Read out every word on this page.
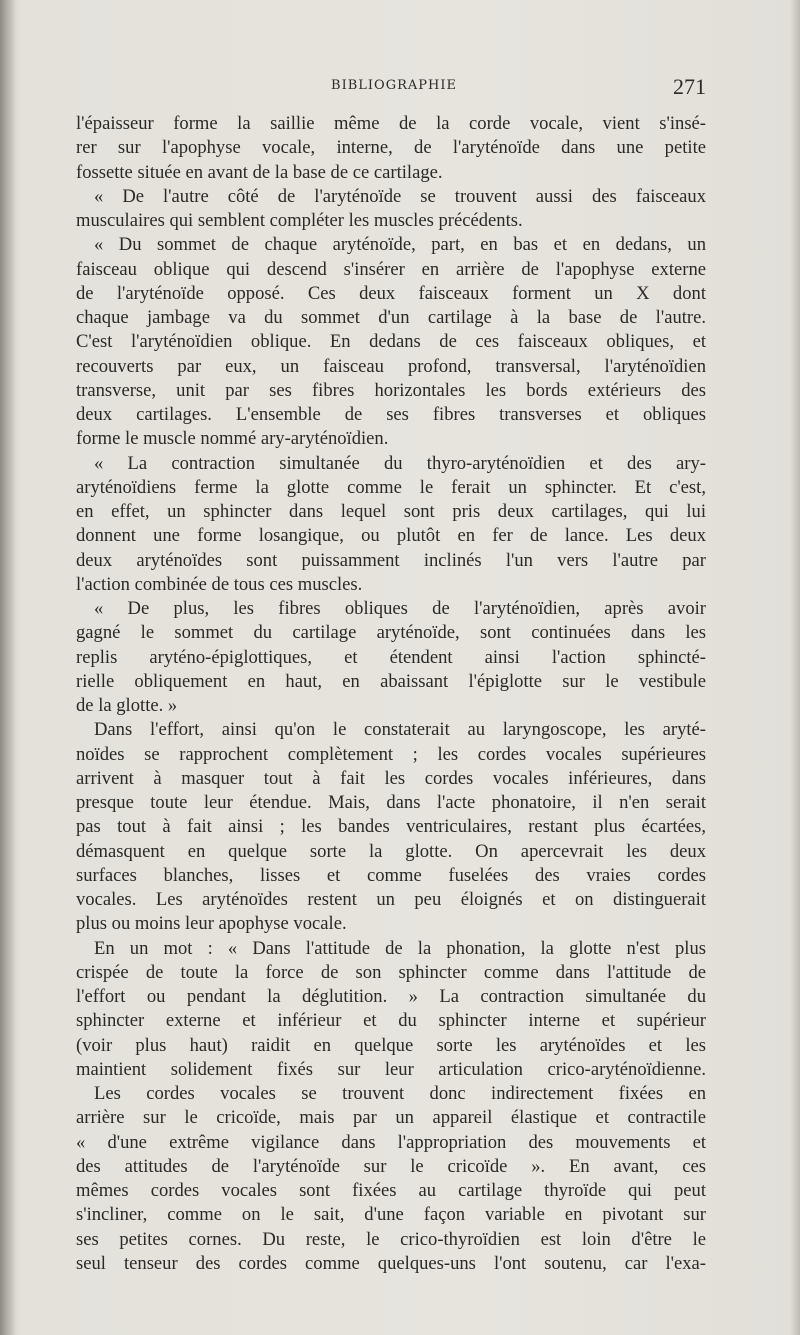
BIBLIOGRAPHIE	271
l'épaisseur forme la saillie même de la corde vocale, vient s'insé-
rer sur l'apophyse vocale, interne, de l'aryténoïde dans une petite
fossette située en avant de la base de ce cartilage.
« De l'autre côté de l'aryténoïde se trouvent aussi des faisceaux
musculaires qui semblent compléter les muscles précédents.
« Du sommet de chaque aryténoïde, part, en bas et en dedans, un
faisceau oblique qui descend s'insérer en arrière de l'apophyse externe
de l'aryténoïde opposé. Ces deux faisceaux forment un X dont
chaque jambage va du sommet d'un cartilage à la base de l'autre.
C'est l'aryténoïdien oblique. En dedans de ces faisceaux obliques, et
recouverts par eux, un faisceau profond, transversal, l'aryténoïdien
transverse, unit par ses fibres horizontales les bords extérieurs des
deux cartilages. L'ensemble de ses fibres transverses et obliques
forme le muscle nommé ary-aryténoïdien.
« La contraction simultanée du thyro-aryténoïdien et des ary-
aryténoïdiens ferme la glotte comme le ferait un sphincter. Et c'est,
en effet, un sphincter dans lequel sont pris deux cartilages, qui lui
donnent une forme losangique, ou plutôt en fer de lance. Les deux
deux aryténoïdes sont puissamment inclinés l'un vers l'autre par
l'action combinée de tous ces muscles.
« De plus, les fibres obliques de l'aryténoïdien, après avoir
gagné le sommet du cartilage aryténoïde, sont continuées dans les
replis aryténo-épiglottiques, et étendent ainsi l'action sphincté-
rielle obliquement en haut, en abaissant l'épiglotte sur le vestibule
de la glotte. »
Dans l'effort, ainsi qu'on le constaterait au laryngoscope, les aryté-
noïdes se rapprochent complètement ; les cordes vocales supérieures
arrivent à masquer tout à fait les cordes vocales inférieures, dans
presque toute leur étendue. Mais, dans l'acte phonatoire, il n'en serait
pas tout à fait ainsi ; les bandes ventriculaires, restant plus écartées,
démasquent en quelque sorte la glotte. On apercevrait les deux
surfaces blanches, lisses et comme fuselées des vraies cordes
vocales. Les aryténoïdes restent un peu éloignés et on distinguerait
plus ou moins leur apophyse vocale.
En un mot : « Dans l'attitude de la phonation, la glotte n'est plus
crispée de toute la force de son sphincter comme dans l'attitude de
l'effort ou pendant la déglutition. » La contraction simultanée du
sphincter externe et inférieur et du sphincter interne et supérieur
(voir plus haut) raidit en quelque sorte les aryténoïdes et les
maintient solidement fixés sur leur articulation crico-aryténoïdienne.
Les cordes vocales se trouvent donc indirectement fixées en
arrière sur le cricoïde, mais par un appareil élastique et contractile
« d'une extrême vigilance dans l'appropriation des mouvements et
des attitudes de l'aryténoïde sur le cricoïde ». En avant, ces
mêmes cordes vocales sont fixées au cartilage thyroïde qui peut
s'incliner, comme on le sait, d'une façon variable en pivotant sur
ses petites cornes. Du reste, le crico-thyroïdien est loin d'être le
seul tenseur des cordes comme quelques-uns l'ont soutenu, car l'exa-
